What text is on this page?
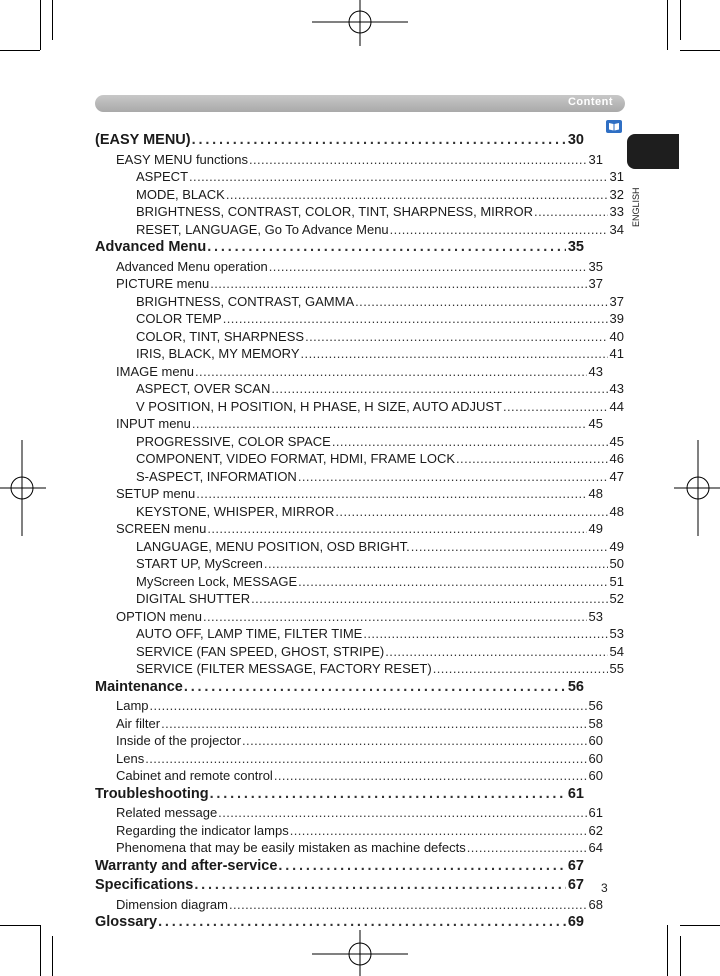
Content
ENGLISH
(EASY MENU) . . .	30
EASY MENU functions . . .	31
ASPECT . . .	31
MODE, BLACK . . .	32
BRIGHTNESS, CONTRAST, COLOR, TINT, SHARPNESS, MIRROR . . .	33
RESET, LANGUAGE, Go To Advance Menu . . .	34
Advanced Menu . . .	35
Advanced Menu operation . . .	35
PICTURE menu . . .	37
BRIGHTNESS, CONTRAST, GAMMA . . .	37
COLOR TEMP . . .	39
COLOR, TINT, SHARPNESS . . .	40
IRIS, BLACK, MY MEMORY . . .	41
IMAGE menu . . .	43
ASPECT, OVER SCAN . . .	43
V POSITION, H POSITION, H PHASE, H SIZE, AUTO ADJUST . . .	44
INPUT menu . . .	45
PROGRESSIVE, COLOR SPACE . . .	45
COMPONENT, VIDEO FORMAT, HDMI, FRAME LOCK . . .	46
S-ASPECT, INFORMATION . . .	47
SETUP menu . . .	48
KEYSTONE, WHISPER, MIRROR . . .	48
SCREEN menu . . .	49
LANGUAGE, MENU POSITION, OSD BRIGHT. . . .	49
START UP, MyScreen . . .	50
MyScreen Lock, MESSAGE . . .	51
DIGITAL SHUTTER . . .	52
OPTION menu . . .	53
AUTO OFF, LAMP TIME, FILTER TIME . . .	53
SERVICE (FAN SPEED, GHOST, STRIPE) . . .	54
SERVICE (FILTER MESSAGE, FACTORY RESET) . . .	55
Maintenance . . .	56
Lamp . . .	56
Air filter . . .	58
Inside of the projector . . .	60
Lens . . .	60
Cabinet and remote control . . .	60
Troubleshooting . . .	61
Related message . . .	61
Regarding the indicator lamps . . .	62
Phenomena that may be easily mistaken as machine defects . . .	64
Warranty and after-service . . .	67
Specifications . . .	67
Dimension diagram . . .	68
Glossary . . .	69
3
